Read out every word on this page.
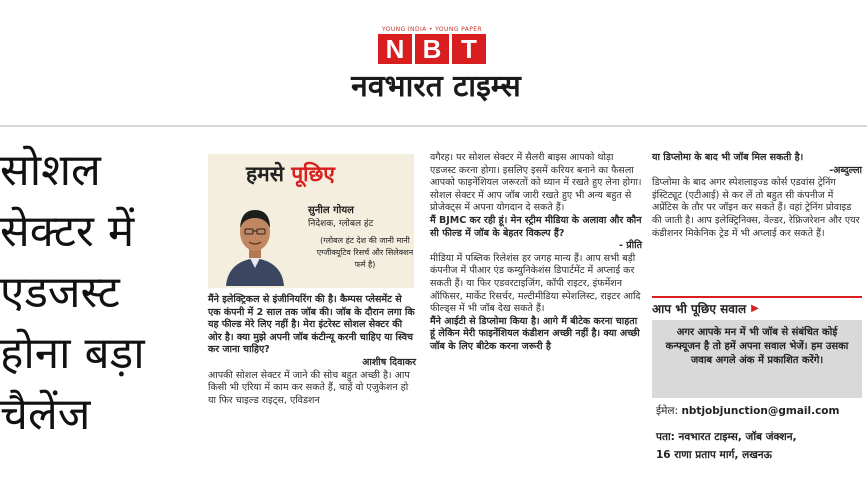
YOUNG INDIA • YOUNG PAPER
N B T
नवभारत टाइम्स
सोशल
सेक्टर में
एडजस्ट
होना बड़ा
चैलेंज
हमसे पूछिए
सुनील गोयल
निदेशक, ग्लोबल हंट
(ग्लोबल हंट देश की जानी मानी एग्जीक्यूटिव रिसर्च और सिलेक्शन फर्म है)

मैंने इलेक्ट्रिकल से इंजीनियरिंग की है। कैम्पस प्लेसमेंट से एक कंपनी में 2 साल तक जॉब की। जॉब के दौरान लगा कि यह फील्ड मेरे लिए नहीं है। मेरा इंटरेस्ट सोशल सेक्टर की ओर है। क्या मुझे अपनी जॉब कंटीन्यू करनी चाहिए या स्विच कर जाना चाहिए?

आशीष दिवाकर

आपकी सोशल सेक्टर में जाने की सोच बहुत अच्छी है। आप किसी भी एरिया में काम कर सकते हैं, चाहें वो एजुकेशन हो या फिर चाइल्ड राइट्स, एविडशन

वगैरह। पर सोशल सेक्टर में सैलरी बाइस आपको थोड़ा एडजस्ट करना होगा। इसलिए इसमें करियर बनाने का फैसला आपको फाइनेंशियल जरूरतों को ध्यान में रखते हुए लेना होगा। सोशल सेक्टर में आप जॉब जारी रखते हुए भी अन्य बहुत से प्रोजेक्ट्स में अपना योगदान दे सकते हैं।

मैं BJMC कर रही हूं। मेन स्ट्रीम मीडिया के अलावा और कौन सी फील्ड में जॉब के बेहतर विकल्प हैं?

- प्रीति

मीडिया में पब्लिक रिलेशंस हर जगह मान्य हैं। आप सभी बड़ी कंपनीज में पीआर एंड कम्युनिकेशंस डिपार्टमेंट में अप्लाई कर सकती हैं। या फिर एडवरटाइजिंग, कॉपी राइटर, इंफर्मेशन ऑफिसर, मार्केट रिसर्चर, मल्टीमीडिया स्पेशलिस्ट, राइटर आदि फील्ड्स में भी जॉब देख सकते हैं।

मैंने आईटी से डिप्लोमा किया है। आगे मैं बीटेक करना चाहता हूं लेकिन मेरी फाइनेंशियल कंडीशन अच्छी नहीं है। क्या अच्छी जॉब के लिए बीटेक करना जरूरी है

या डिप्लोमा के बाद भी जॉब मिल सकती है।

-अब्दुल्ला

डिप्लोमा के बाद अगर स्पेशलाइज्ड कोर्स एडवांस ट्रेनिंग इंस्टिट्यूट (एटीआई) से कर लें तो बहुत सी कंपनीज में अप्रेंटिस के तौर पर जॉइन कर सकते हैं। वहां ट्रेनिंग प्रोवाइड की जाती है। आप इलेक्ट्रिनिक्स, वेल्डर, रेफ्रिजरेशन और एयर कंडीशनर मिकेनिक ट्रेड में भी अप्लाई कर सकते हैं।

आप भी पूछिए सवाल ▶
अगर आपके मन में भी जॉब से संबंधित कोई कन्फ्यूजन है तो हमें अपना सवाल भेजें। हम उसका जवाब अगले अंक में प्रकाशित करेंगे।
ईमेल: nbtjobjunction@gmail.com
पता: नवभारत टाइम्स, जॉब जंक्शन,
16 राणा प्रताप मार्ग, लखनऊ
